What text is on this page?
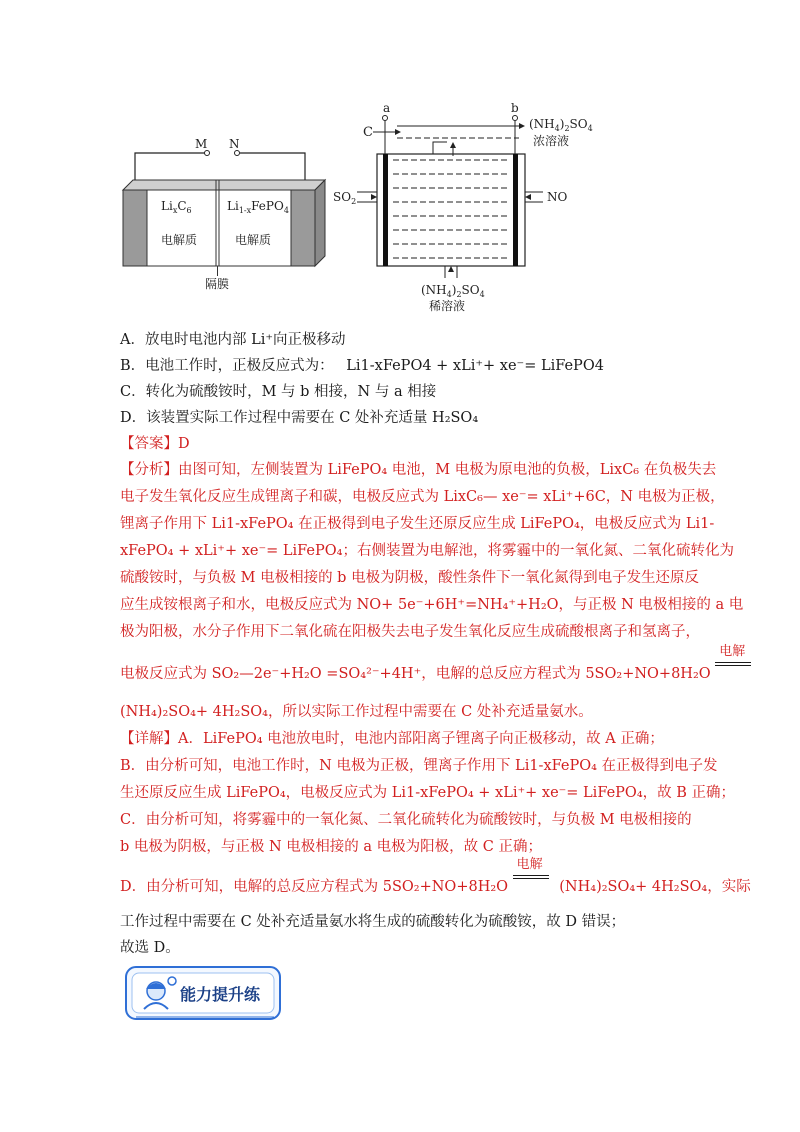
M N
$Li_xC_6$	$Li_{1-x}FePO_4$
电解质	电解质
隔膜
a	b
C
$(NH_4)_2SO_4$
浓溶液
$SO_2$	NO
$(NH_4)_2SO_4$
稀溶液
A．放电时电池内部 Li⁺向正极移动
B．电池工作时，正极反应式为： Li1-xFePO4 + xLi⁺+ xe⁻= LiFePO4
C．转化为硫酸铵时，M 与 b 相接，N 与 a 相接
D．该装置实际工作过程中需要在 C 处补充适量 H₂SO₄
【答案】D
【分析】由图可知，左侧装置为 LiFePO₄ 电池，M 电极为原电池的负极，LixC₆ 在负极失去
电子发生氧化反应生成锂离子和碳，电极反应式为 LixC₆— xe⁻= xLi⁺+6C，N 电极为正极，
锂离子作用下 Li1-xFePO₄ 在正极得到电子发生还原反应生成 LiFePO₄，电极反应式为 Li1-
xFePO₄ + xLi⁺+ xe⁻= LiFePO₄；右侧装置为电解池，将雾霾中的一氧化氮、二氧化硫转化为
硫酸铵时，与负极 M 电极相接的 b 电极为阴极，酸性条件下一氧化氮得到电子发生还原反
应生成铵根离子和水，电极反应式为 NO+ 5e⁻+6H⁺=NH₄⁺+H₂O，与正极 N 电极相接的 a 电
极为阳极，水分子作用下二氧化硫在阳极失去电子发生氧化反应生成硫酸根离子和氢离子，
电极反应式为 SO₂—2e⁻+H₂O =SO₄²⁻+4H⁺，电解的总反应方程式为 5SO₂+NO+8H₂O
电解
(NH₄)₂SO₄+ 4H₂SO₄，所以实际工作过程中需要在 C 处补充适量氨水。
【详解】A．LiFePO₄ 电池放电时，电池内部阳离子锂离子向正极移动，故 A 正确；
B．由分析可知，电池工作时，N 电极为正极，锂离子作用下 Li1-xFePO₄ 在正极得到电子发
生还原反应生成 LiFePO₄，电极反应式为 Li1-xFePO₄ + xLi⁺+ xe⁻= LiFePO₄，故 B 正确；
C．由分析可知，将雾霾中的一氧化氮、二氧化硫转化为硫酸铵时，与负极 M 电极相接的
b 电极为阴极，与正极 N 电极相接的 a 电极为阳极，故 C 正确；
D．由分析可知，电解的总反应方程式为 5SO₂+NO+8H₂O
电解
(NH₄)₂SO₄+ 4H₂SO₄，实际
工作过程中需要在 C 处补充适量氨水将生成的硫酸转化为硫酸铵，故 D 错误；
故选 D。
能力提升练
